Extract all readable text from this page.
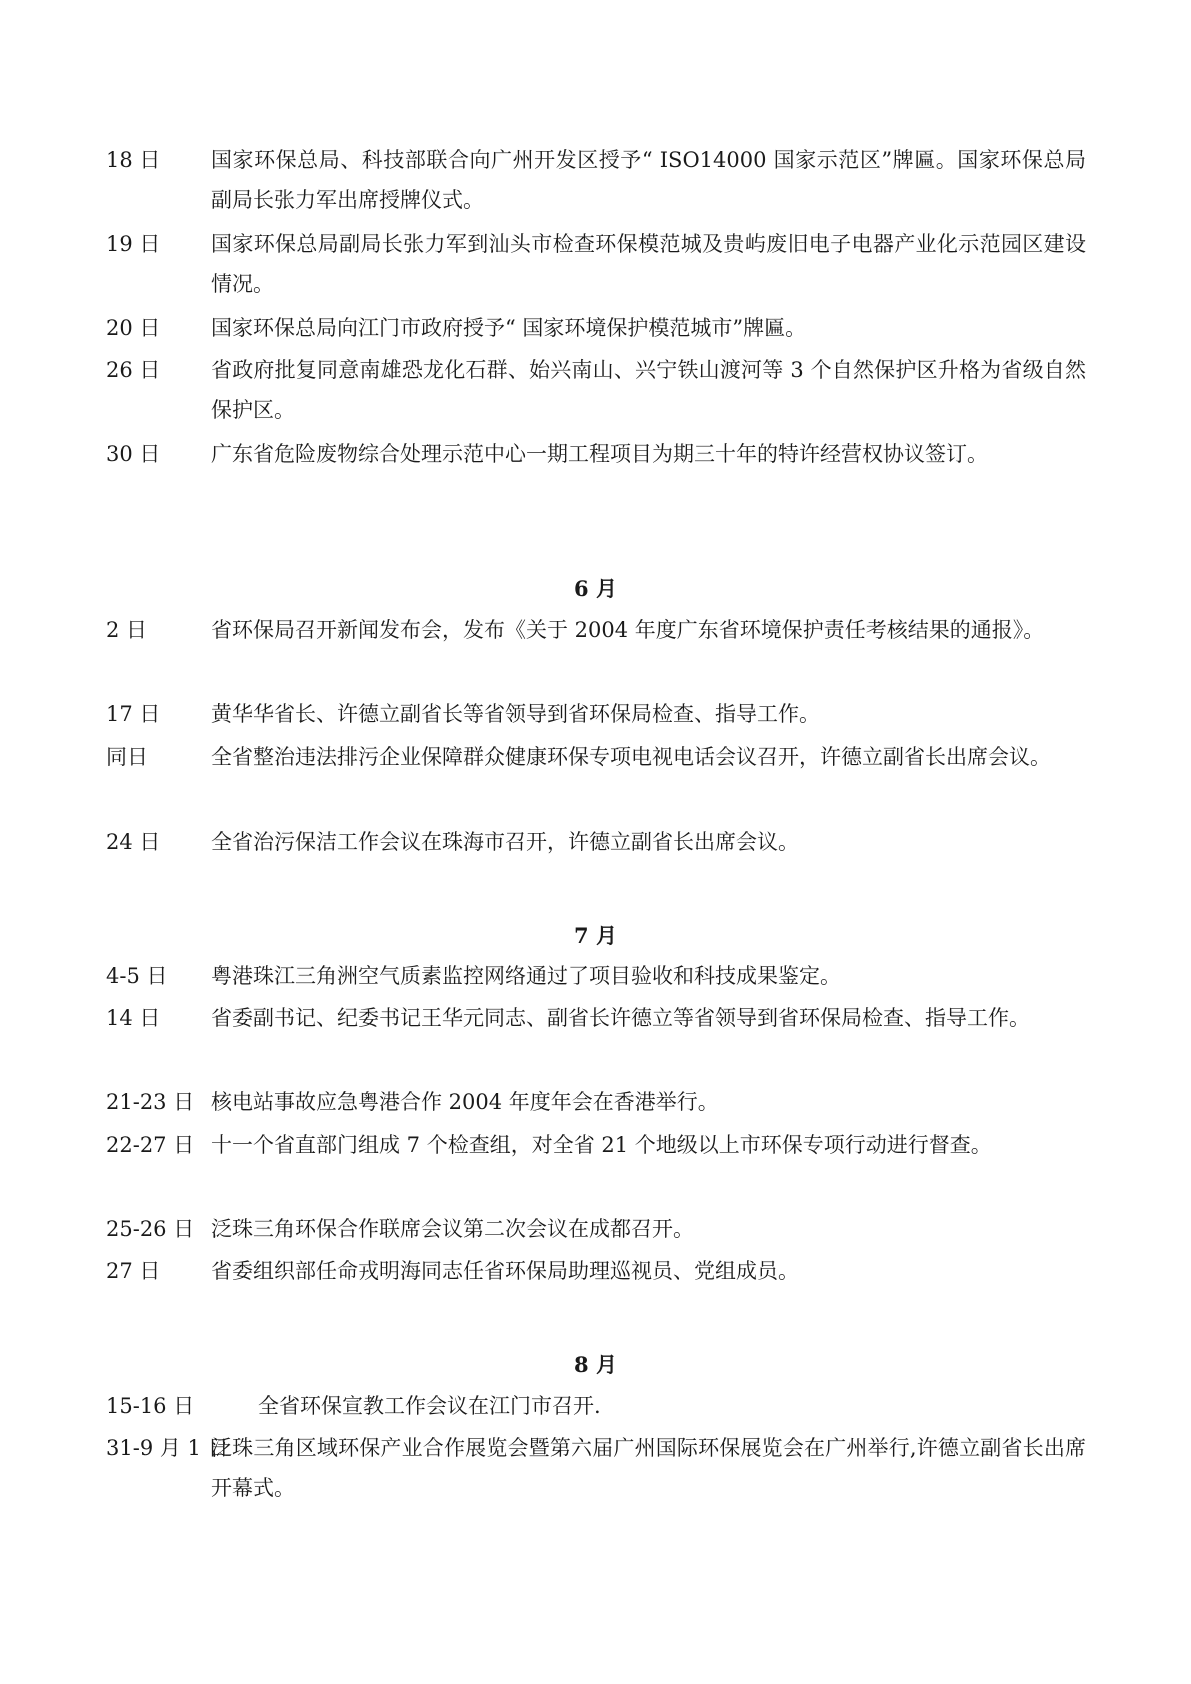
18 日 国家环保总局、科技部联合向广州开发区授予“ ISO14000 国家示范区”牌匾。国家环保总局副局长张力军出席授牌仪式。
19 日 国家环保总局副局长张力军到汕头市检查环保模范城及贵屿废旧电子电器产业化示范园区建设情况。
20 日 国家环保总局向江门市政府授予“ 国家环境保护模范城市”牌匾。
26 日 省政府批复同意南雄恐龙化石群、始兴南山、兴宁铁山渡河等 3 个自然保护区升格为省级自然保护区。
30 日 广东省危险废物综合处理示范中心一期工程项目为期三十年的特许经营权协议签订。
6 月
2 日	省环保局召开新闻发布会，发布《关于 2004 年度广东省环境保护责任考核结果的通报》。
17 日 黄华华省长、许德立副省长等省领导到省环保局检查、指导工作。
同日	全省整治违法排污企业保障群众健康环保专项电视电话会议召开，许德立副省长出席会议。
24 日 全省治污保洁工作会议在珠海市召开，许德立副省长出席会议。
7 月
4-5 日 粤港珠江三角洲空气质素监控网络通过了项目验收和科技成果鉴定。
14 日 省委副书记、纪委书记王华元同志、副省长许德立等省领导到省环保局检查、指导工作。
21-23 日 核电站事故应急粤港合作 2004 年度年会在香港举行。
22-27 日 十一个省直部门组成 7 个检查组，对全省 21 个地级以上市环保专项行动进行督查。
25-26 日 泛珠三角环保合作联席会议第二次会议在成都召开。
27 日 省委组织部任命戎明海同志任省环保局助理巡视员、党组成员。
8 月
15-16 日	全省环保宣教工作会议在江门市召开.
31-9 月 1 日
泛珠三角区域环保产业合作展览会暨第六届广州国际环保展览会在广州举行,许德立副省长出席开幕式。
